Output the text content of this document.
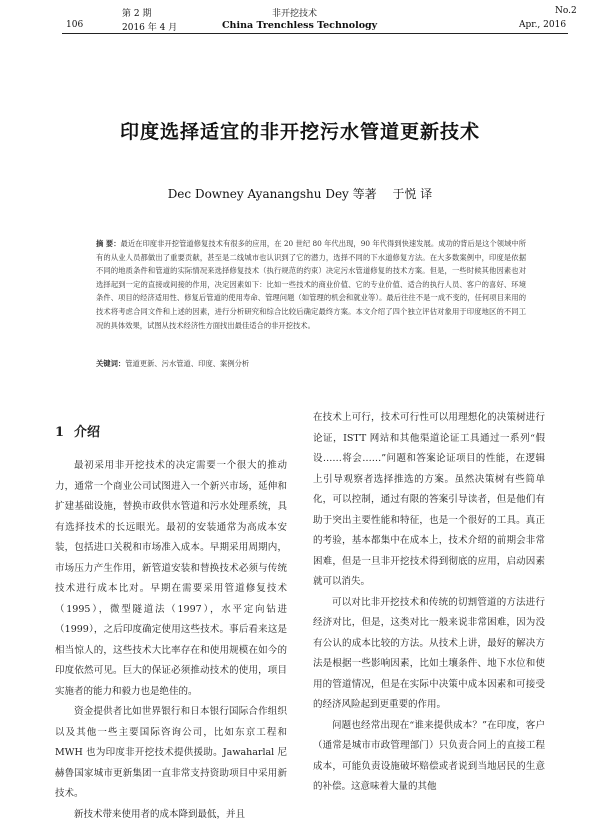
第 2 期	非开挖技术	No.2
106	2016 年 4 月	China Trenchless Technology	Apr., 2016
印度选择适宜的非开挖污水管道更新技术
Dec Downey Ayanangshu Dey 等著 于悦 译
摘 要：最近在印度非开挖管道修复技术有很多的应用，在 20 世纪 80 年代出现，90 年代得到快速发展。成功的背后是这个领域中所有的从业人员都做出了重要贡献，甚至是二线城市也认识到了它的潜力，选择不同的下水道修复方法。在大多数案例中，印度是依据不同的地质条件和管道的实际情况来选择修复技术（执行规范的约束）决定污水管道修复的技术方案。但是，一些时候其他因素也对选择起到一定的直接或间接的作用，决定因素如下：比如一些技术的商业价值、它的专业价值、适合的执行人员、客户的喜好、环境条件、项目的经济适用性、修复后管道的使用寿命、管理问题（如管理的机会和就业等）。最后往往不是一成不变的，任何项目来用的技术将考虑合同文件和上述的因素，进行分析研究和综合比较后确定最终方案。本文介绍了四个独立评估对象用于印度地区的不同工况的具体效果，试图从技术经济性方面找出最佳适合的非开挖技术。
关键词：管道更新、污水管道、印度、案例分析
1 介绍

最初采用非开挖技术的决定需要一个很大的推动力，通常一个商业公司试图进入一个新兴市场，延伸和扩建基础设施，替换市政供水管道和污水处理系统，具有选择技术的长远眼光。最初的安装通常为高成本安装，包括进口关税和市场准入成本。早期采用周期内，市场压力产生作用，新管道安装和替换技术必须与传统技术进行成本比对。早期在需要采用管道修复技术（1995），微型隧道法（1997），水平定向钻进（1999），之后印度确定使用这些技术。事后看来这是相当惊人的，这些技术大比率存在和使用规模在如今的印度依然可见。巨大的保证必须推动技术的使用，项目实施者的能力和毅力也是绝佳的。

资金提供者比如世界银行和日本银行国际合作组织以及其他一些主要国际咨询公司，比如东京工程和 MWH 也为印度非开挖技术提供援助。Jawaharlal 尼赫鲁国家城市更新集团一直非常支持资助项目中采用新技术。

新技术带来使用者的成本降到最低，并且

在技术上可行，技术可行性可以用理想化的决策树进行论证，ISTT 网站和其他渠道论证工具通过一系列“假设……将会……”问题和答案论证项目的性能，在逻辑上引导观察者选择推选的方案。虽然决策树有些简单化，可以控制，通过有限的答案引导读者，但是他们有助于突出主要性能和特征，也是一个很好的工具。真正的考验，基本都集中在成本上，技术介绍的前期会非常困难，但是一旦非开挖技术得到彻底的应用，启动因素就可以消失。

可以对比非开挖技术和传统的切割管道的方法进行经济对比，但是，这类对比一般来说非常困难，因为没有公认的成本比较的方法。从技术上讲，最好的解决方法是根据一些影响因素，比如土壤条件、地下水位和使用的管道情况，但是在实际中决策中成本因素和可接受的经济风险起到更重要的作用。

问题也经常出现在“谁来提供成本？”在印度，客户（通常是城市市政管理部门）只负责合同上的直接工程成本，可能负责设施破坏赔偿或者说到当地居民的生意的补偿。这意味着大量的其他
